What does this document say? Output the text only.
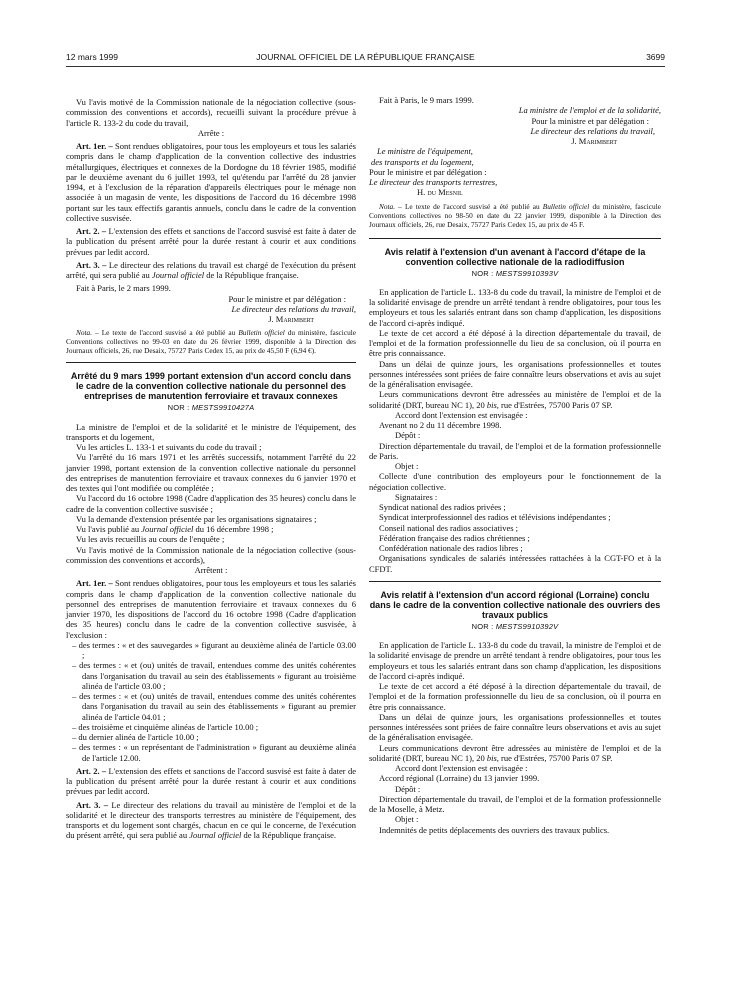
12 mars 1999	JOURNAL OFFICIEL DE LA RÉPUBLIQUE FRANÇAISE	3699

Vu l'avis motivé de la Commission nationale de la négociation collective (sous-commission des conventions et accords), recueilli suivant la procédure prévue à l'article R. 133-2 du code du travail,

Arrête :

Art. 1er. – Sont rendues obligatoires, pour tous les employeurs et tous les salariés compris dans le champ d'application de la convention collective des industries métallurgiques, électriques et connexes de la Dordogne du 18 février 1985, modifié par le deuxième avenant du 6 juillet 1993, tel qu'étendu par l'arrêté du 28 janvier 1994, et à l'exclusion de la réparation d'appareils électriques pour le ménage non associée à un magasin de vente, les dispositions de l'accord du 16 décembre 1998 portant sur les taux effectifs garantis annuels, conclu dans le cadre de la convention collective susvisée.

Art. 2. – L'extension des effets et sanctions de l'accord susvisé est faite à dater de la publication du présent arrêté pour la durée restant à courir et aux conditions prévues par ledit accord.

Art. 3. – Le directeur des relations du travail est chargé de l'exécution du présent arrêté, qui sera publié au Journal officiel de la République française.

Fait à Paris, le 2 mars 1999.

Pour le ministre et par délégation :

Le directeur des relations du travail,

J. Marimbert

Nota. – Le texte de l'accord susvisé a été publié au Bulletin officiel du ministère, fascicule Conventions collectives no 99-03 en date du 26 février 1999, disponible à la Direction des Journaux officiels, 26, rue Desaix, 75727 Paris Cedex 15, au prix de 45,50 F (6,94 €).

Arrêté du 9 mars 1999 portant extension d'un accord conclu dans le cadre de la convention collective nationale du personnel des entreprises de manutention ferroviaire et travaux connexes

NOR : MESTS9910427A

La ministre de l'emploi et de la solidarité et le ministre de l'équipement, des transports et du logement,

Vu les articles L. 133-1 et suivants du code du travail ;

Vu l'arrêté du 16 mars 1971 et les arrêtés successifs, notamment l'arrêté du 22 janvier 1998, portant extension de la convention collective nationale du personnel des entreprises de manutention ferroviaire et travaux connexes du 6 janvier 1970 et des textes qui l'ont modifiée ou complétée ;

Vu l'accord du 16 octobre 1998 (Cadre d'application des 35 heures) conclu dans le cadre de la convention collective susvisée ;

Vu la demande d'extension présentée par les organisations signataires ;

Vu l'avis publié au Journal officiel du 16 décembre 1998 ;

Vu les avis recueillis au cours de l'enquête ;

Vu l'avis motivé de la Commission nationale de la négociation collective (sous-commission des conventions et accords),

Arrêtent :

Art. 1er. – Sont rendues obligatoires, pour tous les employeurs et tous les salariés compris dans le champ d'application de la convention collective nationale du personnel des entreprises de manutention ferroviaire et travaux connexes du 6 janvier 1970, les dispositions de l'accord du 16 octobre 1998 (Cadre d'application des 35 heures) conclu dans le cadre de la convention collective susvisée, à l'exclusion :

– des termes : « et des sauvegardes » figurant au deuxième alinéa de l'article 03.00 ;

– des termes : « et (ou) unités de travail, entendues comme des unités cohérentes dans l'organisation du travail au sein des établissements » figurant au troisième alinéa de l'article 03.00 ;

– des termes : « et (ou) unités de travail, entendues comme des unités cohérentes dans l'organisation du travail au sein des établissements » figurant au premier alinéa de l'article 04.01 ;

– des troisième et cinquième alinéas de l'article 10.00 ;

– du dernier alinéa de l'article 10.00 ;

– des termes : « un représentant de l'administration » figurant au deuxième alinéa de l'article 12.00.

Art. 2. – L'extension des effets et sanctions de l'accord susvisé est faite à dater de la publication du présent arrêté pour la durée restant à courir et aux conditions prévues par ledit accord.

Art. 3. – Le directeur des relations du travail au ministère de l'emploi et de la solidarité et le directeur des transports terrestres au ministère de l'équipement, des transports et du logement sont chargés, chacun en ce qui le concerne, de l'exécution du présent arrêté, qui sera publié au Journal officiel de la République française.

Fait à Paris, le 9 mars 1999.

La ministre de l'emploi et de la solidarité,

Pour la ministre et par délégation :

Le directeur des relations du travail,

J. Marimbert

Le ministre de l'équipement,

des transports et du logement,

Pour le ministre et par délégation :

Le directeur des transports terrestres,

H. du Mesnil

Nota. – Le texte de l'accord susvisé a été publié au Bulletin officiel du ministère, fascicule Conventions collectives no 98-50 en date du 22 janvier 1999, disponible à la Direction des Journaux officiels, 26, rue Desaix, 75727 Paris Cedex 15, au prix de 45 F.

Avis relatif à l'extension d'un avenant à l'accord d'étape de la convention collective nationale de la radiodiffusion

NOR : MESTS9910393V

En application de l'article L. 133-8 du code du travail, la ministre de l'emploi et de la solidarité envisage de prendre un arrêté tendant à rendre obligatoires, pour tous les employeurs et tous les salariés entrant dans son champ d'application, les dispositions de l'accord ci-après indiqué.

Le texte de cet accord a été déposé à la direction départementale du travail, de l'emploi et de la formation professionnelle du lieu de sa conclusion, où il pourra en être pris connaissance.

Dans un délai de quinze jours, les organisations professionnelles et toutes personnes intéressées sont priées de faire connaître leurs observations et avis au sujet de la généralisation envisagée.

Leurs communications devront être adressées au ministère de l'emploi et de la solidarité (DRT, bureau NC 1), 20 bis, rue d'Estrées, 75700 Paris 07 SP.

Accord dont l'extension est envisagée :

Avenant no 2 du 11 décembre 1998.

Dépôt :

Direction départementale du travail, de l'emploi et de la formation professionnelle de Paris.

Objet :

Collecte d'une contribution des employeurs pour le fonctionnement de la négociation collective.

Signataires :

Syndicat national des radios privées ;

Syndicat interprofessionnel des radios et télévisions indépendantes ;

Conseil national des radios associatives ;

Fédération française des radios chrétiennes ;

Confédération nationale des radios libres ;

Organisations syndicales de salariés intéressées rattachées à la CGT-FO et à la CFDT.

Avis relatif à l'extension d'un accord régional (Lorraine) conclu dans le cadre de la convention collective nationale des ouvriers des travaux publics

NOR : MESTS9910392V

En application de l'article L. 133-8 du code du travail, la ministre de l'emploi et de la solidarité envisage de prendre un arrêté tendant à rendre obligatoires, pour tous les employeurs et tous les salariés entrant dans son champ d'application, les dispositions de l'accord ci-après indiqué.

Le texte de cet accord a été déposé à la direction départementale du travail, de l'emploi et de la formation professionnelle du lieu de sa conclusion, où il pourra en être pris connaissance.

Dans un délai de quinze jours, les organisations professionnelles et toutes personnes intéressées sont priées de faire connaître leurs observations et avis au sujet de la généralisation envisagée.

Leurs communications devront être adressées au ministère de l'emploi et de la solidarité (DRT, bureau NC 1), 20 bis, rue d'Estrées, 75700 Paris 07 SP.

Accord dont l'extension est envisagée :

Accord régional (Lorraine) du 13 janvier 1999.

Dépôt :

Direction départementale du travail, de l'emploi et de la formation professionnelle de la Moselle, à Metz.

Objet :

Indemnités de petits déplacements des ouvriers des travaux publics.
